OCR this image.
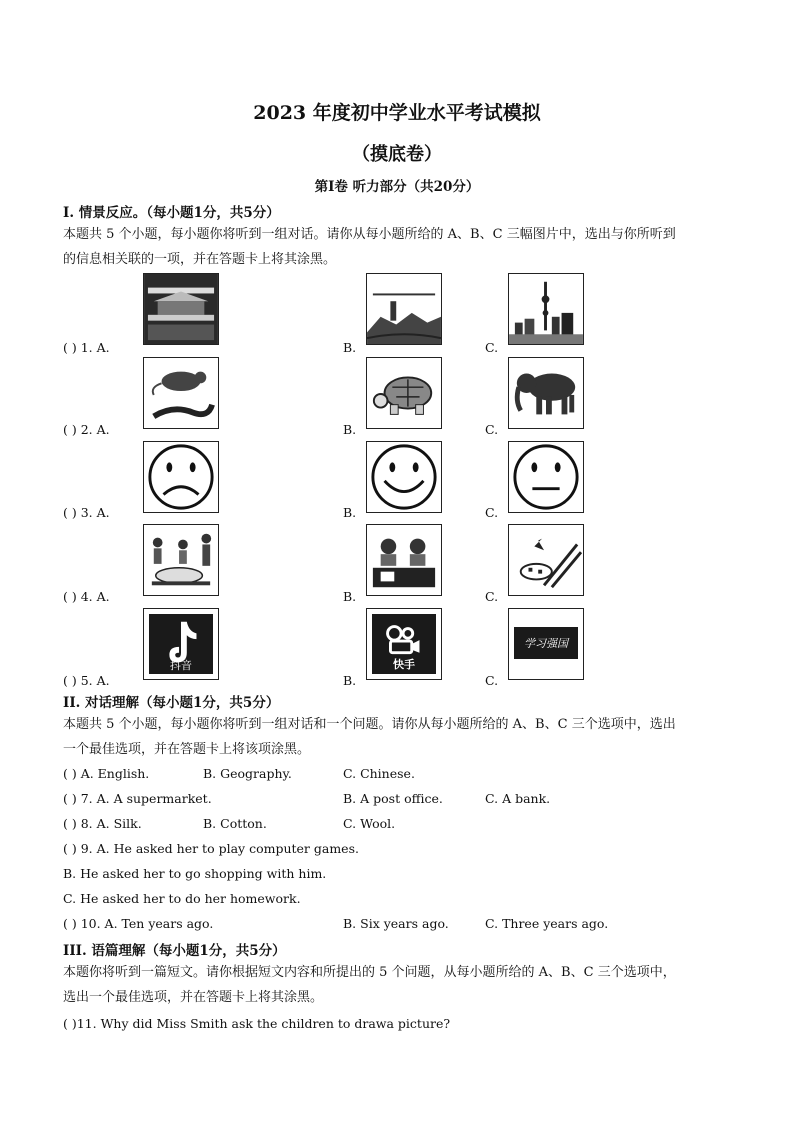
2023 年度初中学业水平考试模拟
（摸底卷）
第Ⅰ卷 听力部分（共20分）
I. 情景反应。（每小题1分，共5分）
本题共 5 个小题，每小题你将听到一组对话。请你从每小题所给的 A、B、C 三幅图片中，选出与你所听到
的信息相关联的一项，并在答题卡上将其涂黑。
( ) 1. A.	B.	C.
( ) 2. A.	B.	C.
( ) 3. A.	B.	C.
( ) 4. A.	B.	C.
抖音	快手
学习强国
( ) 5. A.	B.	C.
II. 对话理解（每小题1分，共5分）
本题共 5 个小题，每小题你将听到一组对话和一个问题。请你从每小题所给的 A、B、C 三个选项中，选出
一个最佳选项，并在答题卡上将该项涂黑。
( ) A. English.	B. Geography.	C. Chinese.
( ) 7. A. A supermarket.	B. A post office.	C. A bank.
( ) 8. A. Silk.	B. Cotton.	C. Wool.
( ) 9. A. He asked her to play computer games.
B. He asked her to go shopping with him.
C. He asked her to do her homework.
( ) 10. A. Ten years ago.	B. Six years ago.	C. Three years ago.
III. 语篇理解（每小题1分，共5分）
本题你将听到一篇短文。请你根据短文内容和所提出的 5 个问题，从每小题所给的 A、B、C 三个选项中，
选出一个最佳选项，并在答题卡上将其涂黑。
( )11. Why did Miss Smith ask the children to drawa picture?
